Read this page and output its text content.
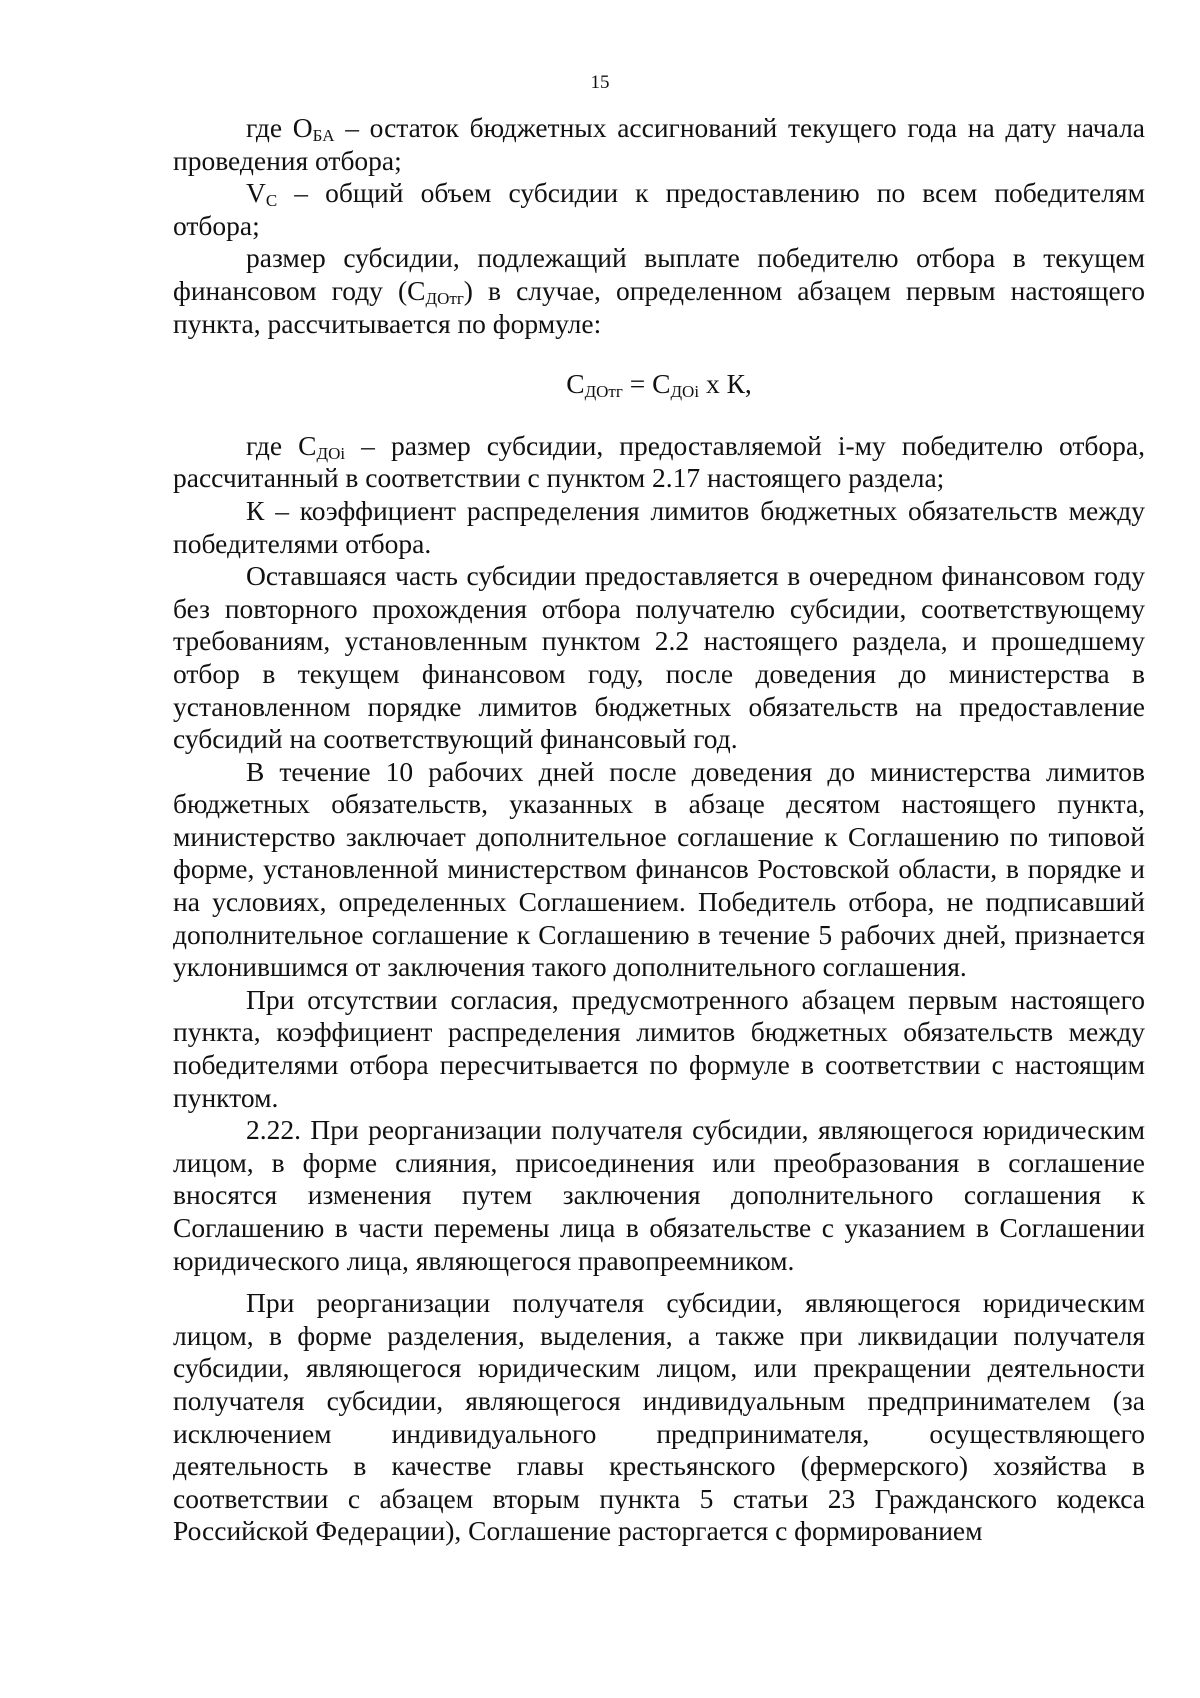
15

где $О_{БА}$ – остаток бюджетных ассигнований текущего года на дату начала проведения отбора;

$V_С$ – общий объем субсидии к предоставлению по всем победителям отбора;

размер субсидии, подлежащий выплате победителю отбора в текущем финансовом году $(С_{ДОтг})$ в случае, определенном абзацем первым настоящего пункта, рассчитывается по формуле:

$С_{ДОтг} = С_{ДОi}$ х К,

где $С_{ДОi}$ – размер субсидии, предоставляемой i-му победителю отбора, рассчитанный в соответствии с пунктом 2.17 настоящего раздела;

К – коэффициент распределения лимитов бюджетных обязательств между победителями отбора.

Оставшаяся часть субсидии предоставляется в очередном финансовом году без повторного прохождения отбора получателю субсидии, соответствующему требованиям, установленным пунктом 2.2 настоящего раздела, и прошедшему отбор в текущем финансовом году, после доведения до министерства в установленном порядке лимитов бюджетных обязательств на предоставление субсидий на соответствующий финансовый год.

В течение 10 рабочих дней после доведения до министерства лимитов бюджетных обязательств, указанных в абзаце десятом настоящего пункта, министерство заключает дополнительное соглашение к Соглашению по типовой форме, установленной министерством финансов Ростовской области, в порядке и на условиях, определенных Соглашением. Победитель отбора, не подписавший дополнительное соглашение к Соглашению в течение 5 рабочих дней, признается уклонившимся от заключения такого дополнительного соглашения.

При отсутствии согласия, предусмотренного абзацем первым настоящего пункта, коэффициент распределения лимитов бюджетных обязательств между победителями отбора пересчитывается по формуле в соответствии с настоящим пунктом.

2.22. При реорганизации получателя субсидии, являющегося юридическим лицом, в форме слияния, присоединения или преобразования в соглашение вносятся изменения путем заключения дополнительного соглашения к Соглашению в части перемены лица в обязательстве с указанием в Соглашении юридического лица, являющегося правопреемником.

При реорганизации получателя субсидии, являющегося юридическим лицом, в форме разделения, выделения, а также при ликвидации получателя субсидии, являющегося юридическим лицом, или прекращении деятельности получателя субсидии, являющегося индивидуальным предпринимателем (за исключением индивидуального предпринимателя, осуществляющего деятельность в качестве главы крестьянского (фермерского) хозяйства в соответствии с абзацем вторым пункта 5 статьи 23 Гражданского кодекса Российской Федерации), Соглашение расторгается с формированием
